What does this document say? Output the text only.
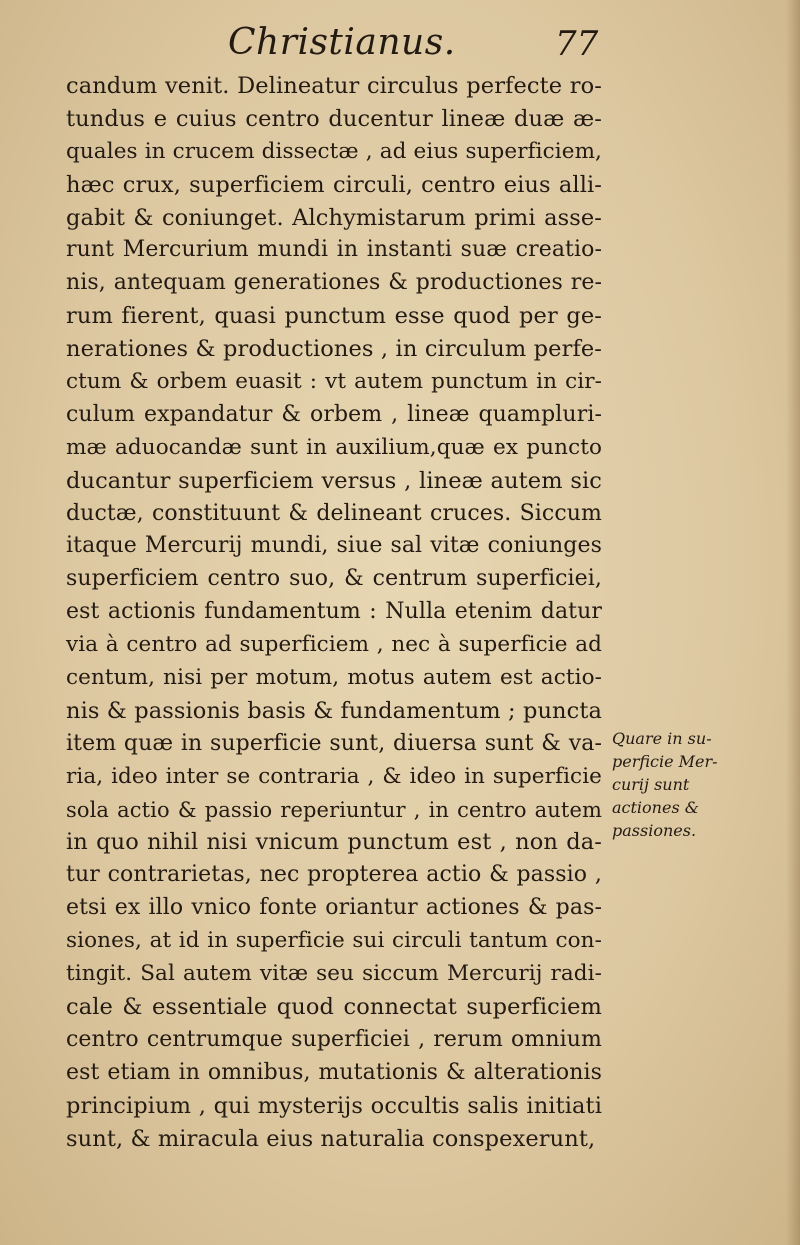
Christianus.	77
candum venit. Delineatur circulus perfecte ro-
tundus e cuius centro ducentur lineæ duæ æ-
quales in crucem dissectæ , ad eius superficiem,
hæc crux, superficiem circuli, centro eius alli-
gabit & coniunget. Alchymistarum primi asse-
runt Mercurium mundi in instanti suæ creatio-
nis, antequam generationes & productiones re-
rum fierent, quasi punctum esse quod per ge-
nerationes & productiones , in circulum perfe-
ctum & orbem euasit : vt autem punctum in cir-
culum expandatur & orbem , lineæ quampluri-
mæ aduocandæ sunt in auxilium,quæ ex puncto
ducantur superficiem versus , lineæ autem sic
ductæ, constituunt & delineant cruces. Siccum
itaque Mercurij mundi, siue sal vitæ coniunges
superficiem centro suo, & centrum superficiei,
est actionis fundamentum : Nulla etenim datur
via à centro ad superficiem , nec à superficie ad
centum, nisi per motum, motus autem est actio-
nis & passionis basis & fundamentum ; puncta
item quæ in superficie sunt, diuersa sunt & va-
ria, ideo inter se contraria , & ideo in superficie
sola actio & passio reperiuntur , in centro autem
in quo nihil nisi vnicum punctum est , non da-
tur contrarietas, nec propterea actio & passio ,
etsi ex illo vnico fonte oriantur actiones & pas-
siones, at id in superficie sui circuli tantum con-
tingit. Sal autem vitæ seu siccum Mercurij radi-
cale & essentiale quod connectat superficiem
centro centrumque superficiei , rerum omnium
est etiam in omnibus, mutationis & alterationis
principium , qui mysterijs occultis salis initiati
sunt, & miracula eius naturalia conspexerunt,
Quare in su-
perficie Mer-
curij sunt
actiones &
passiones.
